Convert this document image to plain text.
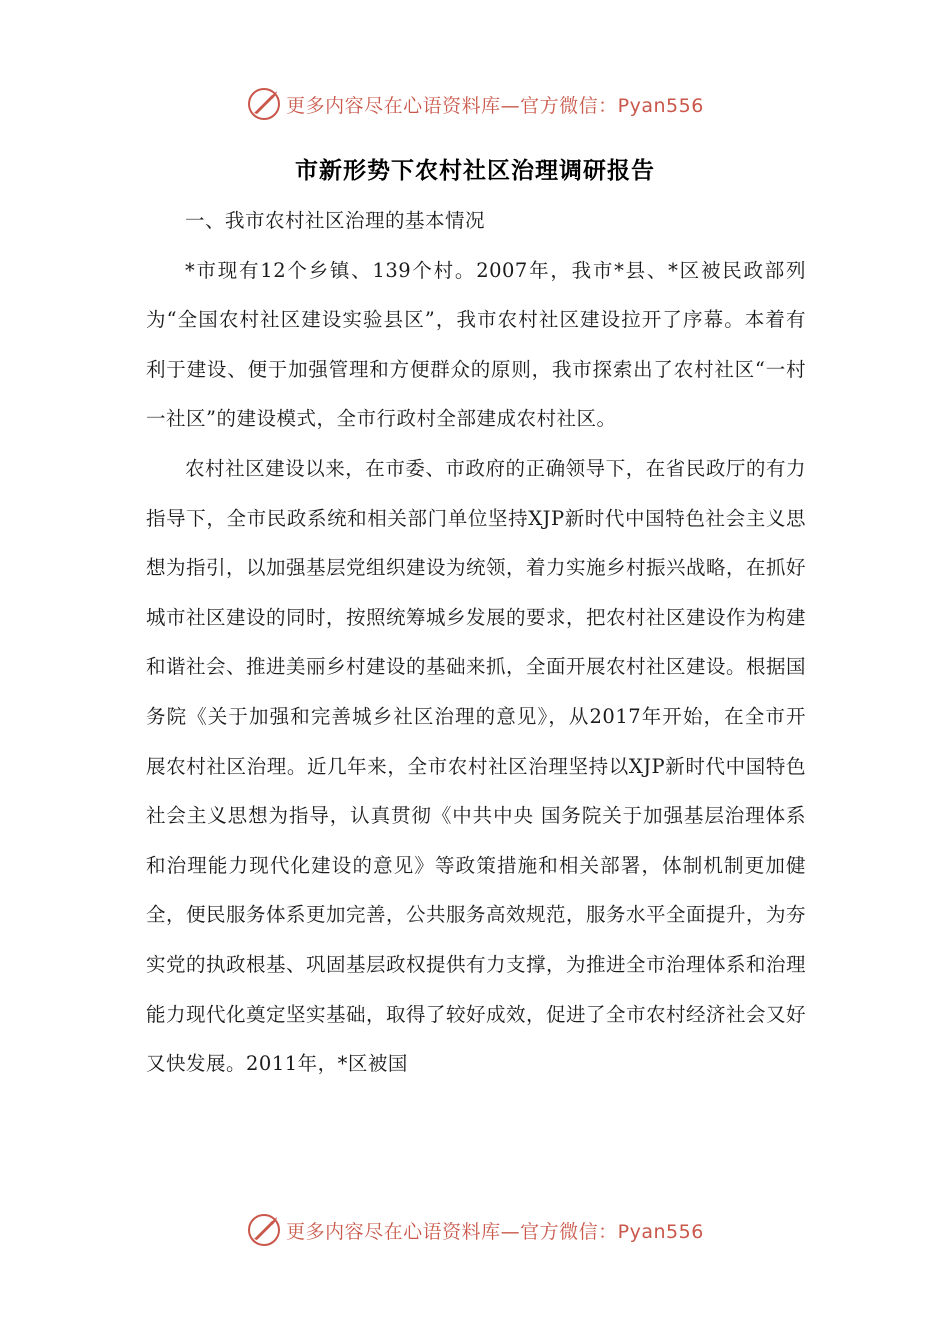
更多内容尽在心语资料库—官方微信：Pyan556
市新形势下农村社区治理调研报告

一、我市农村社区治理的基本情况

*市现有12个乡镇、139个村。2007年，我市*县、*区被民政部列为“全国农村社区建设实验县区”，我市农村社区建设拉开了序幕。本着有利于建设、便于加强管理和方便群众的原则，我市探索出了农村社区“一村一社区”的建设模式，全市行政村全部建成农村社区。

农村社区建设以来，在市委、市政府的正确领导下，在省民政厅的有力指导下，全市民政系统和相关部门单位坚持XJP新时代中国特色社会主义思想为指引，以加强基层党组织建设为统领，着力实施乡村振兴战略，在抓好城市社区建设的同时，按照统筹城乡发展的要求，把农村社区建设作为构建和谐社会、推进美丽乡村建设的基础来抓，全面开展农村社区建设。根据国务院《关于加强和完善城乡社区治理的意见》，从2017年开始，在全市开展农村社区治理。近几年来，全市农村社区治理坚持以XJP新时代中国特色社会主义思想为指导，认真贯彻《中共中央 国务院关于加强基层治理体系和治理能力现代化建设的意见》等政策措施和相关部署，体制机制更加健全，便民服务体系更加完善，公共服务高效规范，服务水平全面提升，为夯实党的执政根基、巩固基层政权提供有力支撑，为推进全市治理体系和治理能力现代化奠定坚实基础，取得了较好成效，促进了全市农村经济社会又好又快发展。2011年，*区被国

更多内容尽在心语资料库—官方微信：Pyan556
